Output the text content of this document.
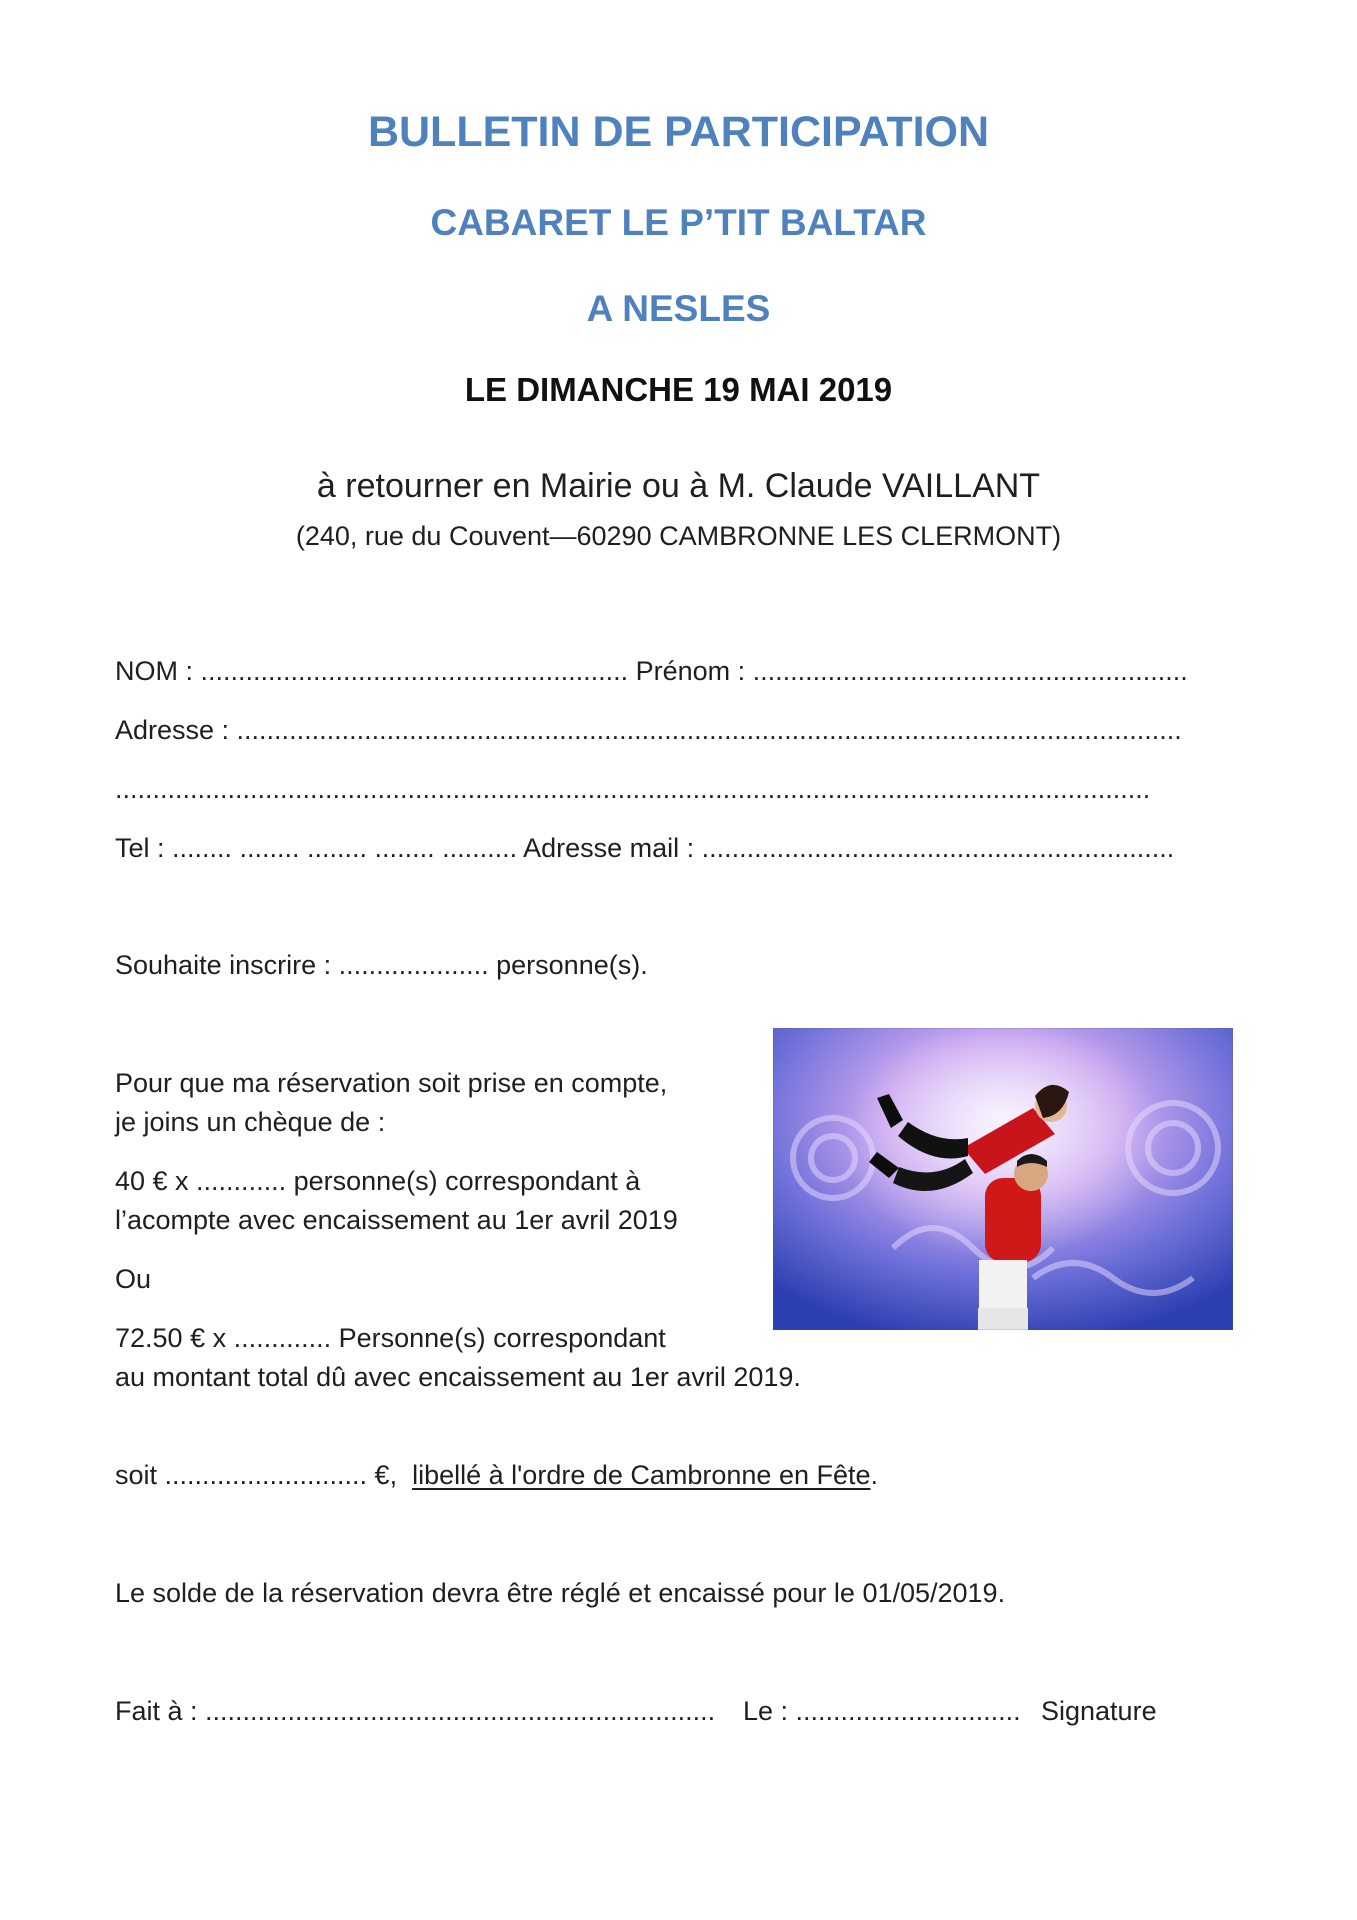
BULLETIN DE PARTICIPATION
CABARET LE P’TIT BALTAR
A NESLES
LE DIMANCHE 19 MAI 2019
à retourner en Mairie ou à M. Claude VAILLANT
(240, rue du Couvent—60290 CAMBRONNE LES CLERMONT)
NOM : ......................................................... Prénom : ..........................................................
Adresse : ..............................................................................................................................
..........................................................................................................................................
Tel : ........ ........ ........ ........ .......... Adresse mail : ...............................................................
Souhaite inscrire : .................... personne(s).
Pour que ma réservation soit prise en compte,
je joins un chèque de :
40 € x ............ personne(s) correspondant à
l’acompte avec encaissement au 1er avril 2019
Ou
72.50 € x ............. Personne(s) correspondant
au montant total dû avec encaissement au 1er avril 2019.
soit ........................... €, libellé à l'ordre de Cambronne en Fête.
Le solde de la réservation devra être réglé et encaissé pour le 01/05/2019.
Fait à : .................................................................... Le : .............................. Signature
